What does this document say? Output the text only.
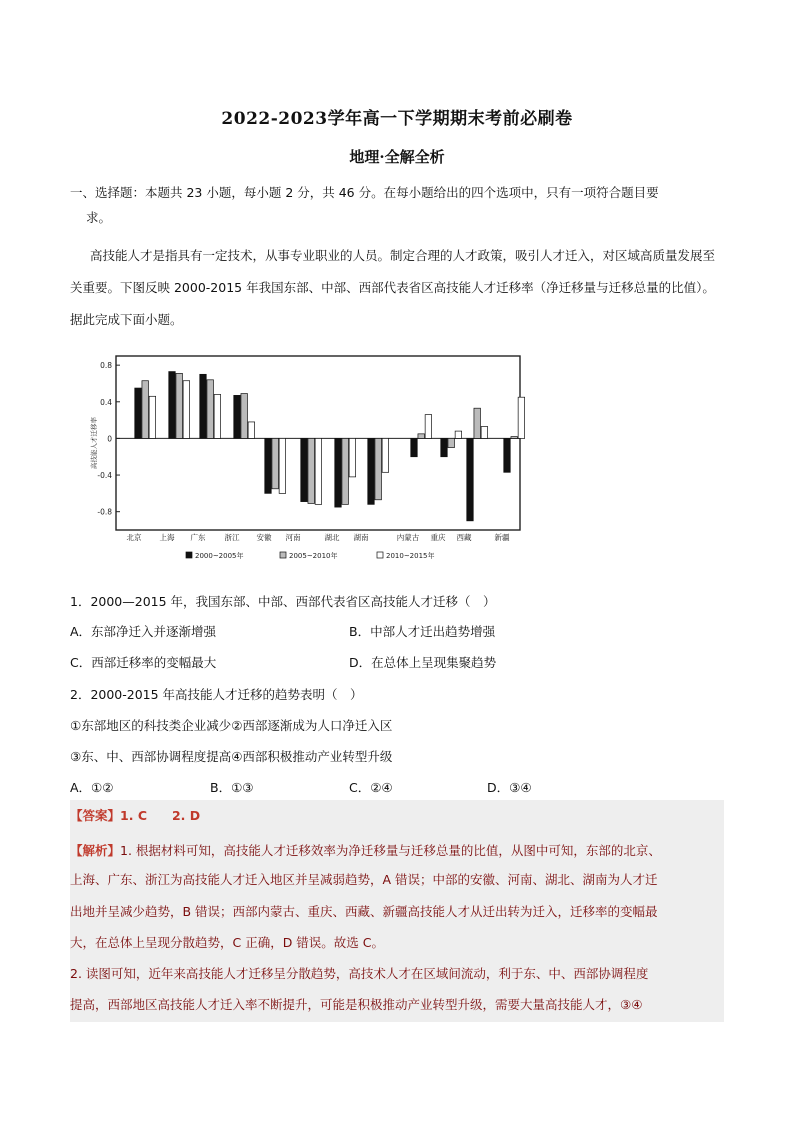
2022-2023学年高一下学期期末考前必刷卷
地理·全解全析
一、选择题：本题共 23 小题，每小题 2 分，共 46 分。在每小题给出的四个选项中，只有一项符合题目要
求。
高技能人才是指具有一定技术，从事专业职业的人员。制定合理的人才政策，吸引人才迁入，对区域高质量发展至关重要。下图反映 2000-2015 年我国东部、中部、西部代表省区高技能人才迁移率（净迁移量与迁移总量的比值）。据此完成下面小题。
高技能人才迁移率
0.8
0.4
0
-0.4
-0.8
北京 上海 广东	浙江 安徽 河南	湖北 湖南	内蒙古 重庆 西藏	新疆
2000~2005年	2005~2010年	2010~2015年
1．2000—2015 年，我国东部、中部、西部代表省区高技能人才迁移（　）
A．东部净迁入并逐渐增强	B．中部人才迁出趋势增强
C．西部迁移率的变幅最大	D．在总体上呈现集聚趋势
2．2000-2015 年高技能人才迁移的趋势表明（　）
①东部地区的科技类企业减少②西部逐渐成为人口净迁入区
③东、中、西部协调程度提高④西部积极推动产业转型升级
A．①②	B．①③	C．②④	D．③④
【答案】1. C　　2. D
【解析】1. 根据材料可知，高技能人才迁移效率为净迁移量与迁移总量的比值，从图中可知，东部的北京、
上海、广东、浙江为高技能人才迁入地区并呈减弱趋势，A 错误；中部的安徽、河南、湖北、湖南为人才迁
出地并呈减少趋势，B 错误；西部内蒙古、重庆、西藏、新疆高技能人才从迁出转为迁入，迁移率的变幅最
大，在总体上呈现分散趋势，C 正确，D 错误。故选 C。
2. 读图可知，近年来高技能人才迁移呈分散趋势，高技术人才在区域间流动，利于东、中、西部协调程度
提高，西部地区高技能人才迁入率不断提升，可能是积极推动产业转型升级，需要大量高技能人才，③④
